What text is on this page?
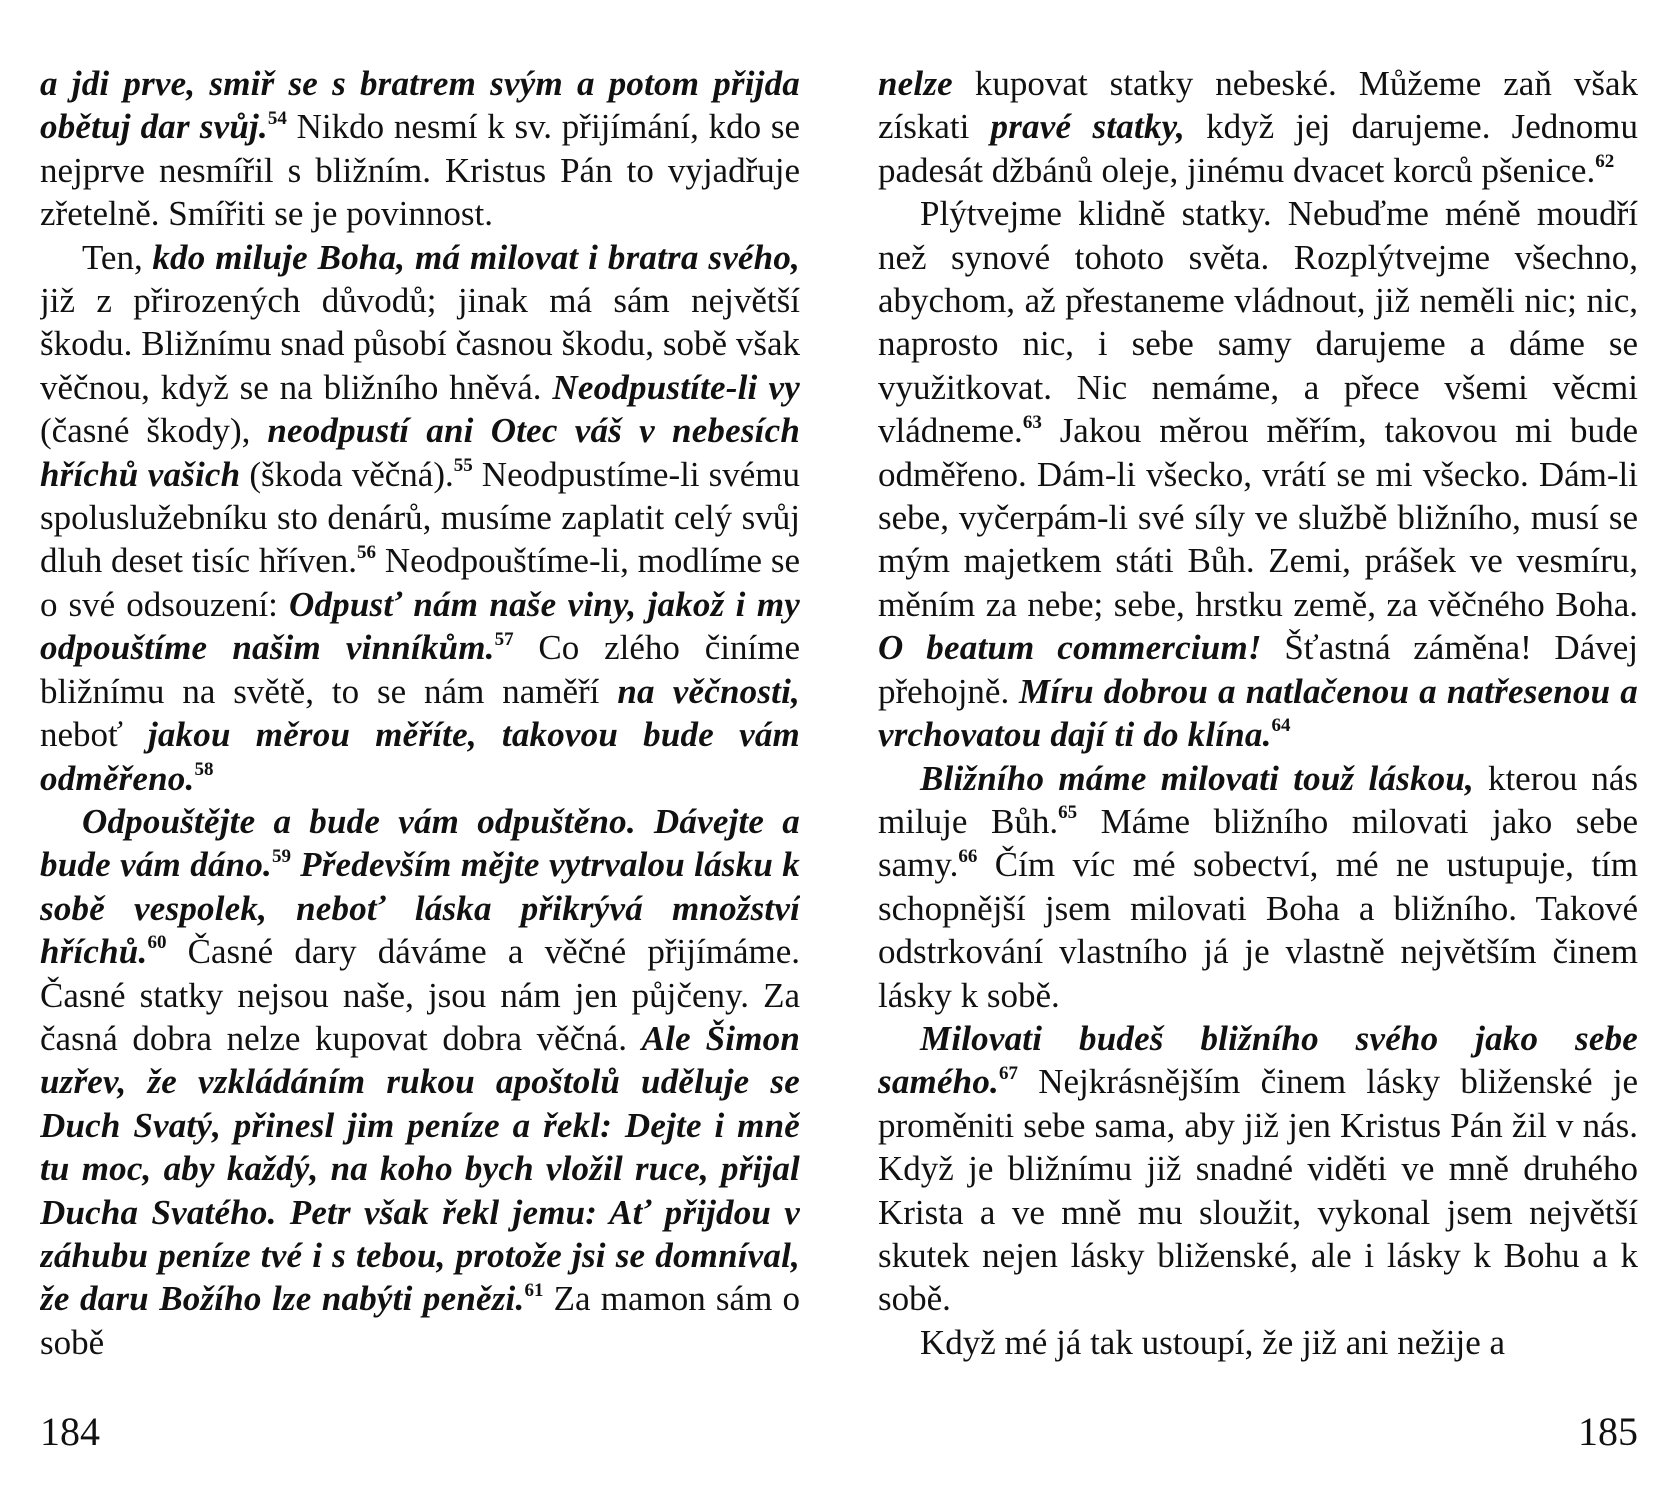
a jdi prve, smiř se s bratrem svým a potom přijda obětuj dar svůj.$^{54}$ Nikdo nesmí k sv. přijímání, kdo se nejprve nesmířil s bližním. Kristus Pán to vyjadřuje zřetelně. Smířiti se je povinnost.

Ten, kdo miluje Boha, má milovat i bratra svého, již z přirozených důvodů; jinak má sám největší škodu. Bližnímu snad působí časnou škodu, sobě však věčnou, když se na bližního hněvá. Neodpustíte-li vy (časné škody), neodpustí ani Otec váš v nebesích hříchů vašich (škoda věčná).$^{55}$ Neodpustíme-li svému spoluslužebníku sto denárů, musíme zaplatit celý svůj dluh deset tisíc hříven.$^{56}$ Neodpouštíme-li, modlíme se o své odsouzení: Odpusť nám naše viny, jakož i my odpouštíme našim vinníkům.$^{57}$ Co zlého činíme bližnímu na světě, to se nám naměří na věčnosti, neboť jakou měrou měříte, takovou bude vám odměřeno.$^{58}$

Odpouštějte a bude vám odpuštěno. Dávejte a bude vám dáno.$^{59}$ Především mějte vytrvalou lásku k sobě vespolek, neboť láska přikrývá množství hříchů.$^{60}$ Časné dary dáváme a věčné přijímáme. Časné statky nejsou naše, jsou nám jen půjčeny. Za časná dobra nelze kupovat dobra věčná. Ale Šimon uzřev, že vzkládáním rukou apoštolů uděluje se Duch Svatý, přinesl jim peníze a řekl: Dejte i mně tu moc, aby každý, na koho bych vložil ruce, přijal Ducha Svatého. Petr však řekl jemu: Ať přijdou v záhubu peníze tvé i s tebou, protože jsi se domníval, že daru Božího lze nabýti penězi.$^{61}$ Za mamon sám o sobě

184

nelze kupovat statky nebeské. Můžeme zaň však získati pravé statky, když jej darujeme. Jednomu padesát džbánů oleje, jinému dvacet korců pšenice.$^{62}$

Plýtvejme klidně statky. Nebuďme méně moudří než synové tohoto světa. Rozplýtvejme všechno, abychom, až přestaneme vládnout, již neměli nic; nic, naprosto nic, i sebe samy darujeme a dáme se využitkovat. Nic nemáme, a přece všemi věcmi vládneme.$^{63}$ Jakou měrou měřím, takovou mi bude odměřeno. Dám-li všecko, vrátí se mi všecko. Dám-li sebe, vyčerpám-li své síly ve službě bližního, musí se mým majetkem státi Bůh. Zemi, prášek ve vesmíru, měním za nebe; sebe, hrstku země, za věčného Boha. O beatum commercium! Šťastná záměna! Dávej přehojně. Míru dobrou a natlačenou a natřesenou a vrchovatou dají ti do klína.$^{64}$

Bližního máme milovati touž láskou, kterou nás miluje Bůh.$^{65}$ Máme bližního milovati jako sebe samy.$^{66}$ Čím víc mé sobectví, mé ne ustupuje, tím schopnější jsem milovati Boha a bližního. Takové odstrkování vlastního já je vlastně největším činem lásky k sobě.

Milovati budeš bližního svého jako sebe samého.$^{67}$ Nejkrásnějším činem lásky bliženské je proměniti sebe sama, aby již jen Kristus Pán žil v nás. Když je bližnímu již snadné viděti ve mně druhého Krista a ve mně mu sloužit, vykonal jsem největší skutek nejen lásky bliženské, ale i lásky k Bohu a k sobě.

Když mé já tak ustoupí, že již ani nežije a

185
